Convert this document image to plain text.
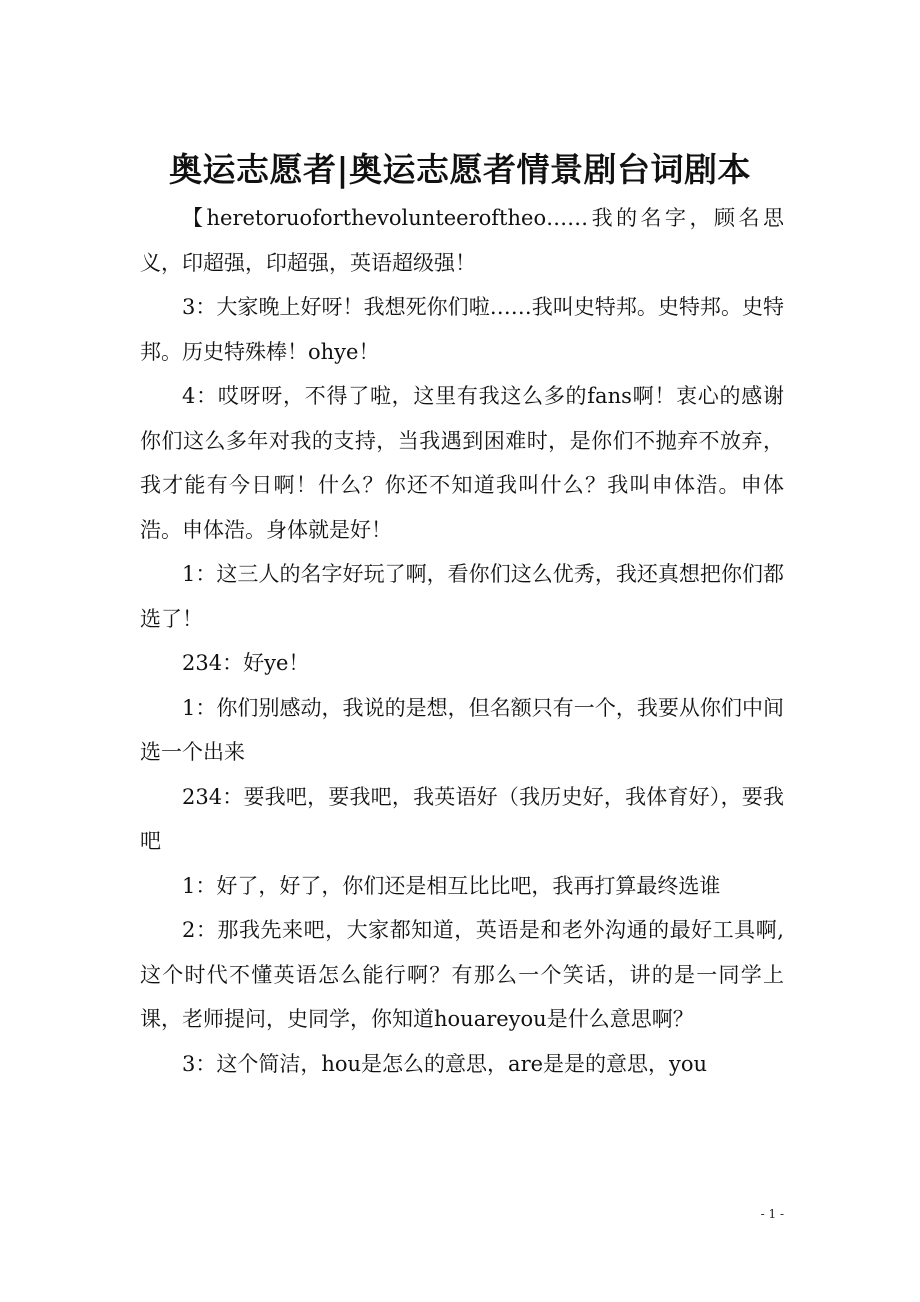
奥运志愿者|奥运志愿者情景剧台词剧本

【heretoruoforthevolunteeroftheo……我的名字，顾名思义，印超强，印超强，英语超级强！

3：大家晚上好呀！我想死你们啦……我叫史特邦。史特邦。史特邦。历史特殊棒！ohye！

4：哎呀呀，不得了啦，这里有我这么多的fans啊！衷心的感谢你们这么多年对我的支持，当我遇到困难时，是你们不抛弃不放弃，我才能有今日啊！什么？你还不知道我叫什么？我叫申体浩。申体浩。申体浩。身体就是好！

1：这三人的名字好玩了啊，看你们这么优秀，我还真想把你们都选了！

234：好ye！

1：你们别感动，我说的是想，但名额只有一个，我要从你们中间选一个出来

234：要我吧，要我吧，我英语好（我历史好，我体育好），要我吧

1：好了，好了，你们还是相互比比吧，我再打算最终选谁

2：那我先来吧，大家都知道，英语是和老外沟通的最好工具啊,这个时代不懂英语怎么能行啊？有那么一个笑话，讲的是一同学上课，老师提问，史同学，你知道houareyou是什么意思啊？

3：这个简洁，hou是怎么的意思，are是是的意思，you

- 1 -
